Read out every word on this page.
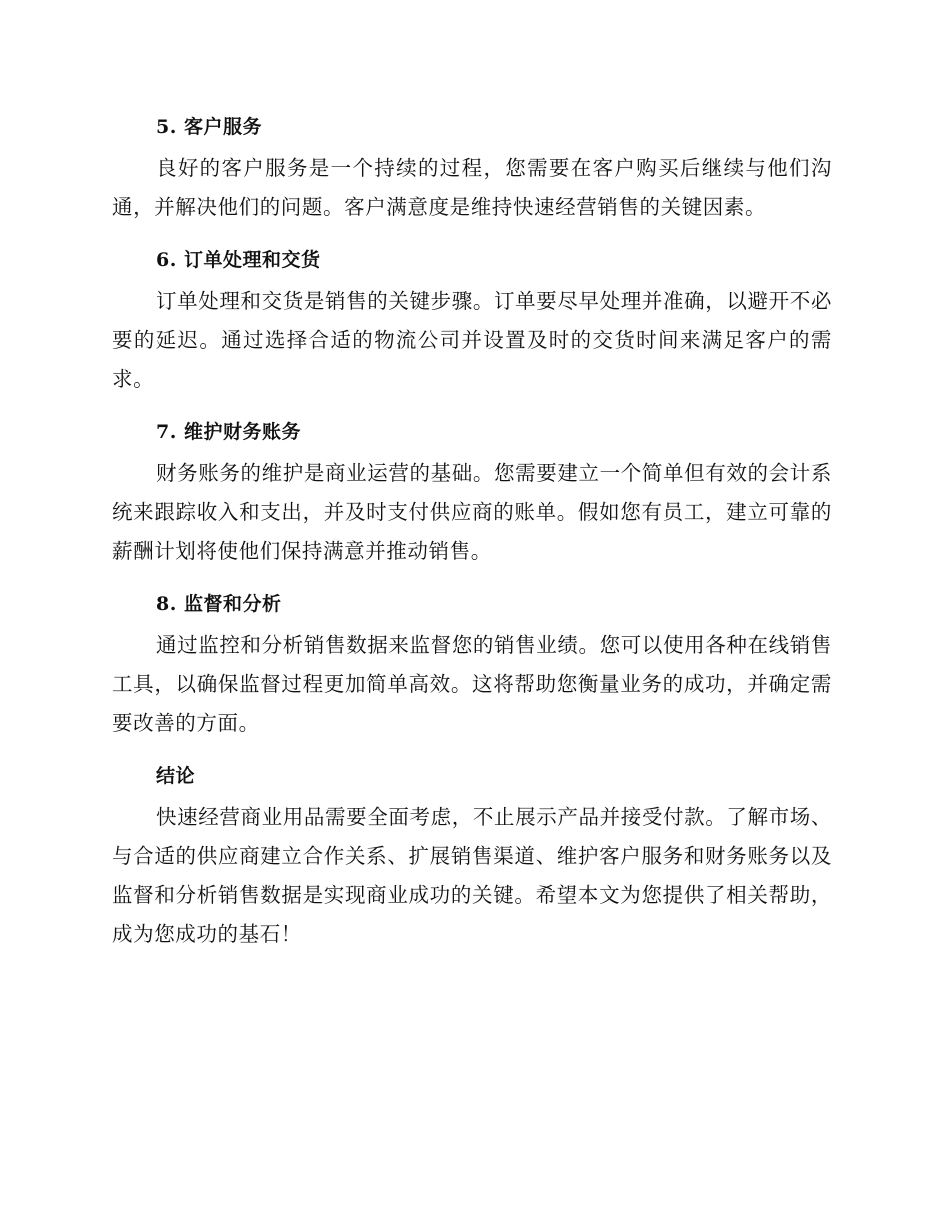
5. 客户服务

良好的客户服务是一个持续的过程，您需要在客户购买后继续与他们沟通，并解决他们的问题。客户满意度是维持快速经营销售的关键因素。

6. 订单处理和交货

订单处理和交货是销售的关键步骤。订单要尽早处理并准确，以避开不必要的延迟。通过选择合适的物流公司并设置及时的交货时间来满足客户的需求。

7. 维护财务账务

财务账务的维护是商业运营的基础。您需要建立一个简单但有效的会计系统来跟踪收入和支出，并及时支付供应商的账单。假如您有员工，建立可靠的薪酬计划将使他们保持满意并推动销售。

8. 监督和分析

通过监控和分析销售数据来监督您的销售业绩。您可以使用各种在线销售工具，以确保监督过程更加简单高效。这将帮助您衡量业务的成功，并确定需要改善的方面。

结论

快速经营商业用品需要全面考虑，不止展示产品并接受付款。了解市场、与合适的供应商建立合作关系、扩展销售渠道、维护客户服务和财务账务以及监督和分析销售数据是实现商业成功的关键。希望本文为您提供了相关帮助，成为您成功的基石！
